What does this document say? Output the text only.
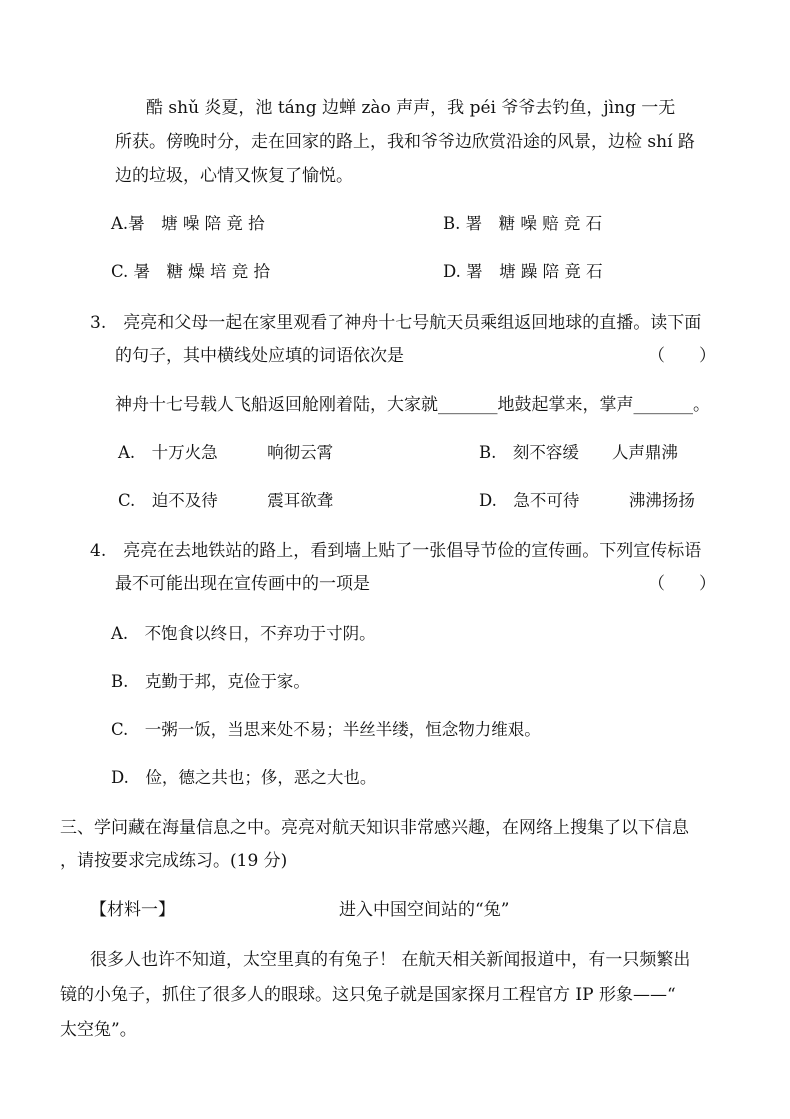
酷 shǔ 炎夏，池 táng 边蝉 zào 声声，我 péi 爷爷去钓鱼，jìng 一无
所获。傍晚时分，走在回家的路上，我和爷爷边欣赏沿途的风景，边检 shí 路
边的垃圾，心情又恢复了愉悦。
A.暑　塘 噪 陪 竟 拾	B. 署　糖 噪 赔 竞 石
C. 暑　糖 燥 培 竞 拾	D. 署　塘 躁 陪 竟 石
3.　亮亮和父母一起在家里观看了神舟十七号航天员乘组返回地球的直播。读下面
的句子，其中横线处应填的词语依次是	（　　）
神舟十七号载人飞船返回舱刚着陆，大家就_______地鼓起掌来，掌声_______。
A.　十万火急　　　响彻云霄	B.　刻不容缓　　人声鼎沸
C.　迫不及待　　　震耳欲聋	D.　急不可待　　　沸沸扬扬
4.　亮亮在去地铁站的路上，看到墙上贴了一张倡导节俭的宣传画。下列宣传标语
最不可能出现在宣传画中的一项是	（　　）
A.　不饱食以终日，不弃功于寸阴。
B.　克勤于邦，克俭于家。
C.　一粥一饭，当思来处不易；半丝半缕，恒念物力维艰。
D.　俭，德之共也；侈，恶之大也。
三、学问藏在海量信息之中。亮亮对航天知识非常感兴趣，在网络上搜集了以下信息
，请按要求完成练习。(19 分)
【材料一】	进入中国空间站的“兔”
很多人也许不知道，太空里真的有兔子！ 在航天相关新闻报道中，有一只频繁出
镜的小兔子，抓住了很多人的眼球。这只兔子就是国家探月工程官方 IP 形象——“
太空兔”。
